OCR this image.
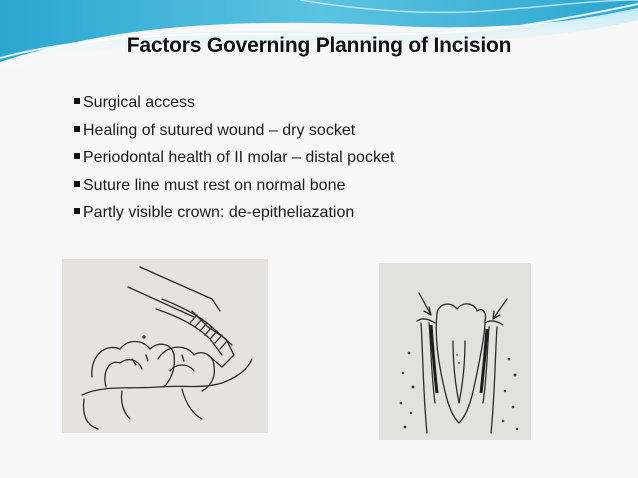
Factors Governing Planning of Incision
Surgical access
Healing of sutured wound – dry socket
Periodontal health of II molar – distal pocket
Suture line must rest on normal bone
Partly visible crown: de-epitheliazation
